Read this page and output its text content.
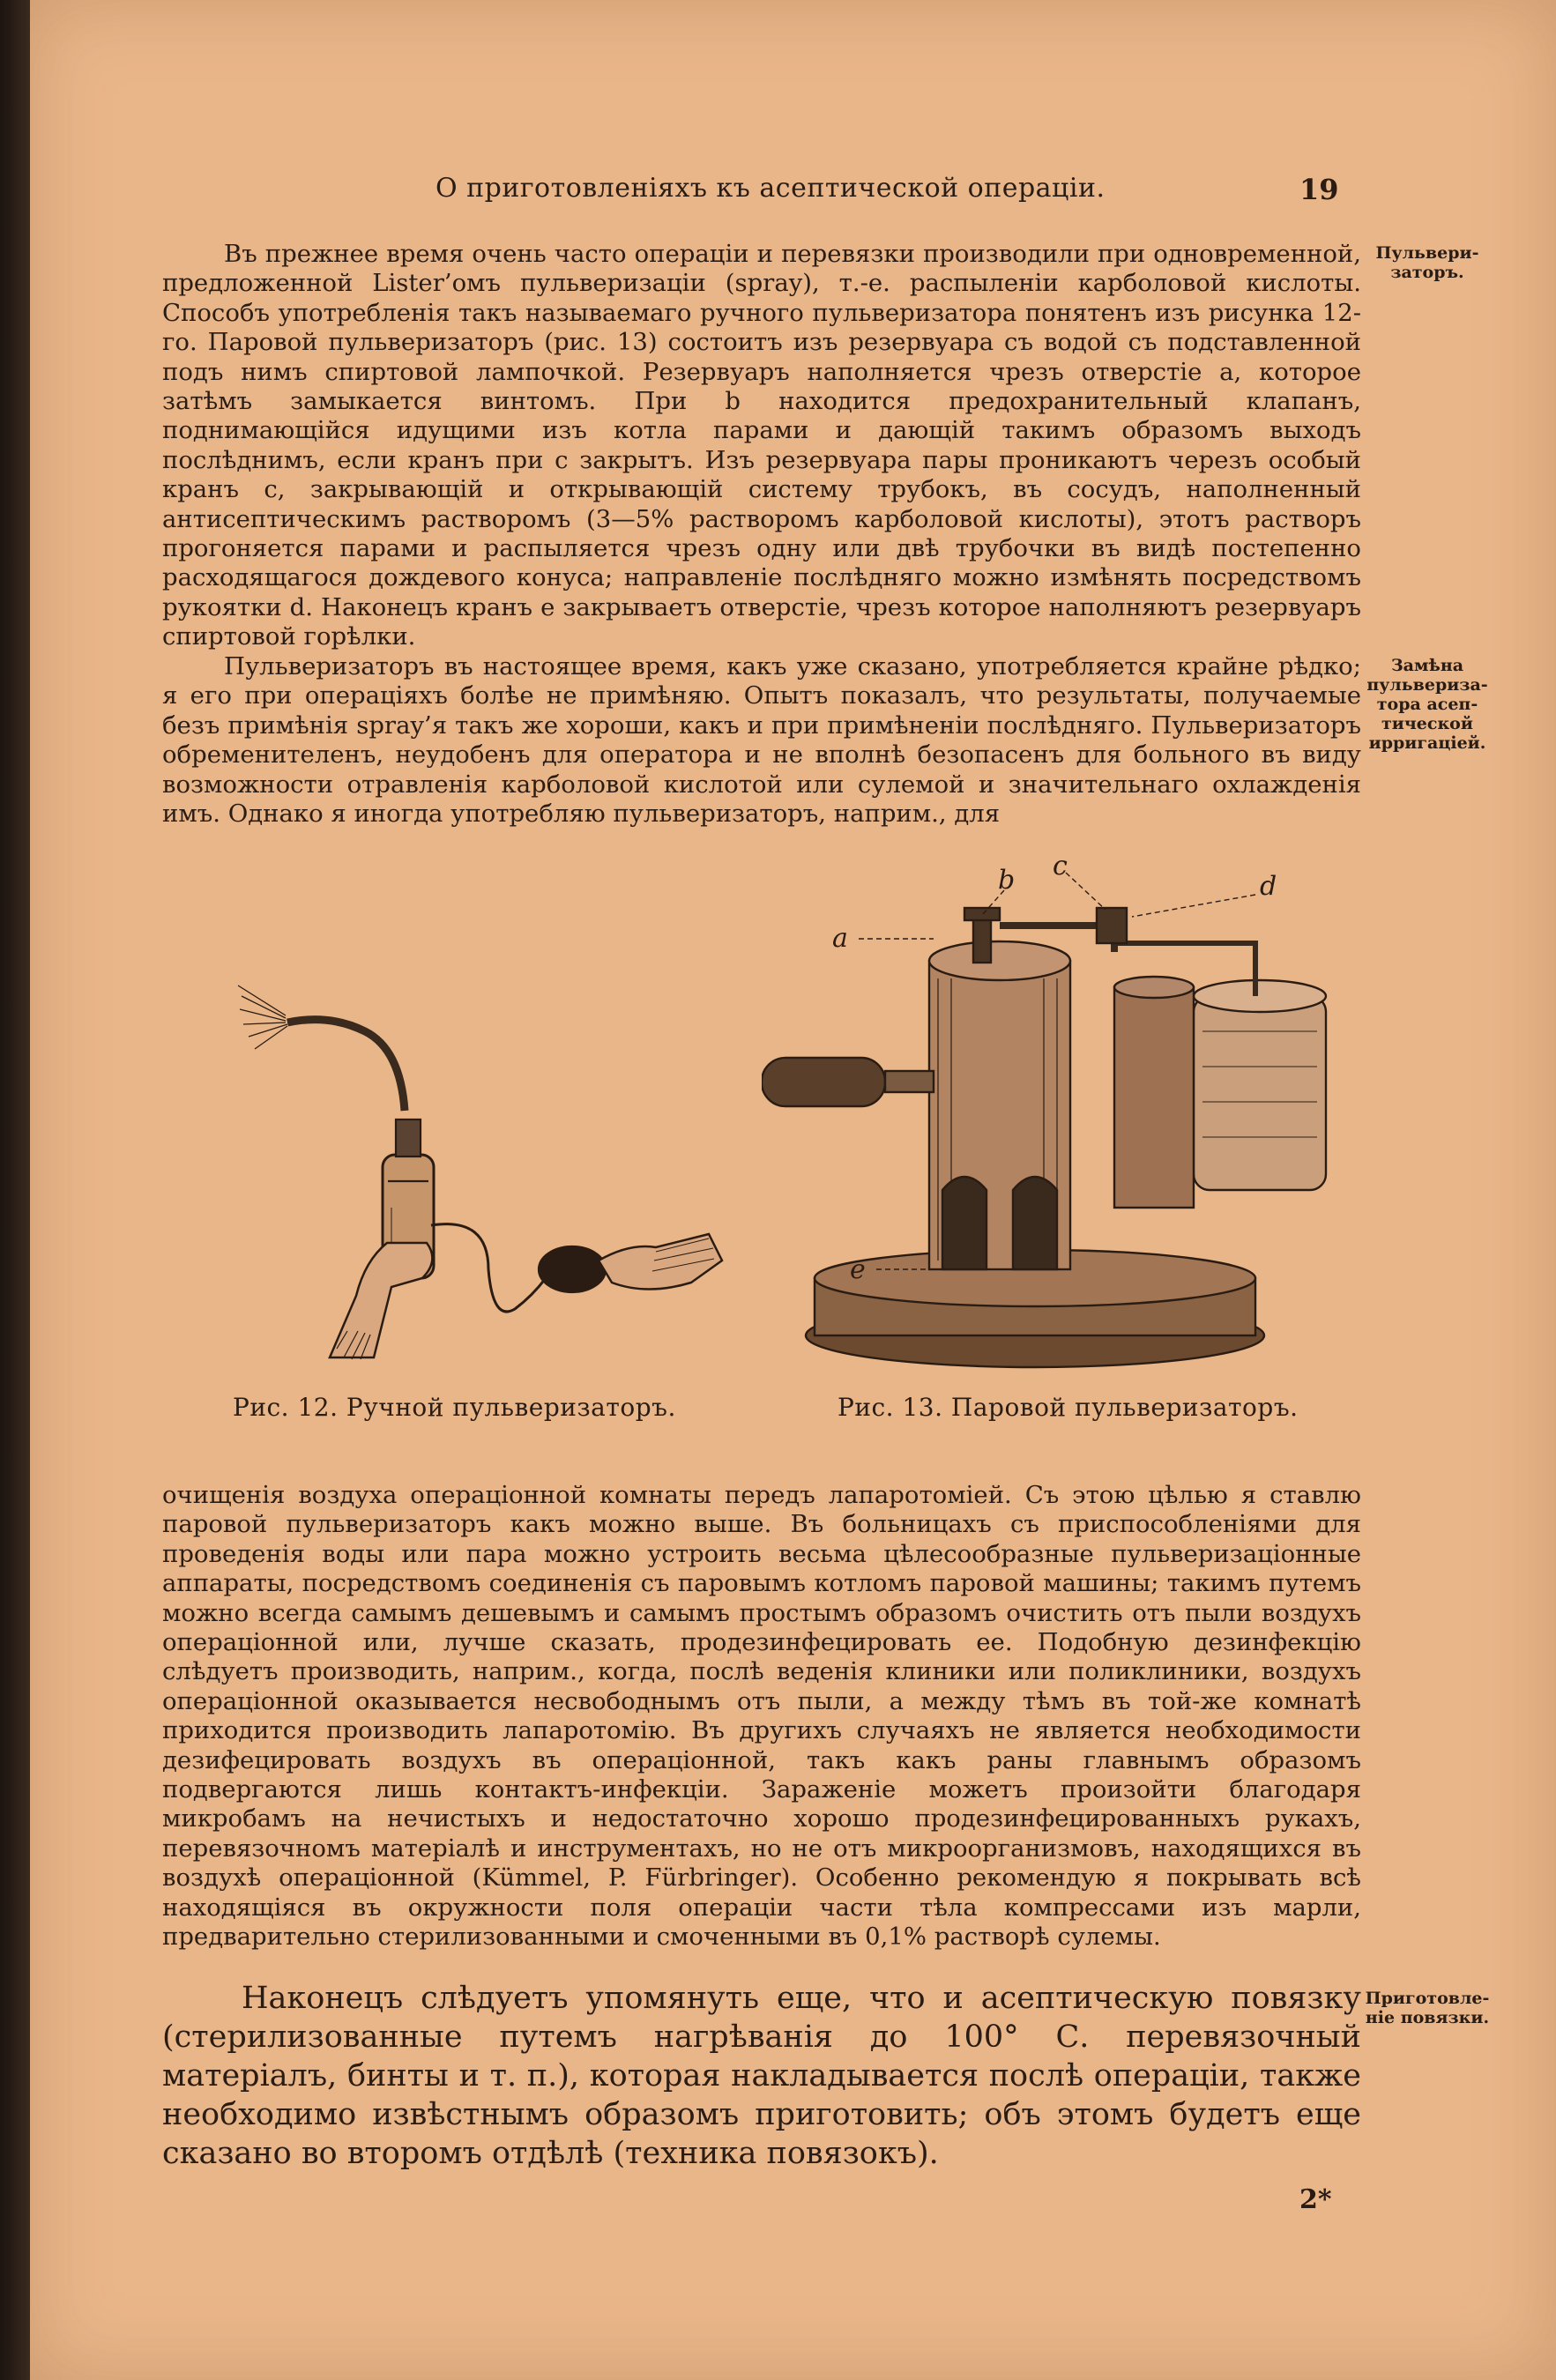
О приготовленіяхъ къ асептической операціи.	19
Въ прежнее время очень часто операціи и перевязки производили при одновременной, предложенной Lister’омъ пульверизаціи (spray), т.-е. распыленіи карболовой кислоты. Способъ употребленія такъ называемаго ручного пульверизатора понятенъ изъ рисунка 12-го. Паровой пульверизаторъ (рис. 13) состоитъ изъ резервуара съ водой съ подставленной подъ нимъ спиртовой лампочкой. Резервуаръ наполняется чрезъ отверстіе a, которое затѣмъ замыкается винтомъ. При b находится предохранительный клапанъ, поднимающійся идущими изъ котла парами и дающій такимъ образомъ выходъ послѣднимъ, если кранъ при c закрытъ. Изъ резервуара пары проникаютъ черезъ особый кранъ c, закрывающій и открывающій систему трубокъ, въ сосудъ, наполненный антисептическимъ растворомъ (3—5% растворомъ карболовой кислоты), этотъ растворъ прогоняется парами и распыляется чрезъ одну или двѣ трубочки въ видѣ постепенно расходящагося дождевого конуса; направленіе послѣдняго можно измѣнять посредствомъ рукоятки d. Наконецъ кранъ e закрываетъ отверстіе, чрезъ которое наполняютъ резервуаръ спиртовой горѣлки.
Пульвери-
заторъ.
Пульверизаторъ въ настоящее время, какъ уже сказано, употребляется крайне рѣдко; я его при операціяхъ болѣе не примѣняю. Опытъ показалъ, что результаты, получаемые безъ примѣнія spray’я такъ же хороши, какъ и при примѣненіи послѣдняго. Пульверизаторъ обременителенъ, неудобенъ для оператора и не вполнѣ безопасенъ для больного въ виду возможности отравленія карболовой кислотой или сулемой и значительнаго охлажденія имъ. Однако я иногда употребляю пульверизаторъ, наприм., для
Замѣна
пульвериза-
тора асеп-
тической
ирригаціей.
a
b c
d
e
Рис. 12. Ручной пульверизаторъ.	Рис. 13. Паровой пульверизаторъ.
очищенія воздуха операціонной комнаты передъ лапаротоміей. Съ этою цѣлью я ставлю паровой пульверизаторъ какъ можно выше. Въ больницахъ съ приспособленіями для проведенія воды или пара можно устроить весьма цѣлесообразные пульверизаціонные аппараты, посредствомъ соединенія съ паровымъ котломъ паровой машины; такимъ путемъ можно всегда самымъ дешевымъ и самымъ простымъ образомъ очистить отъ пыли воздухъ операціонной или, лучше сказать, продезинфецировать ее. Подобную дезинфекцію слѣдуетъ производить, наприм., когда, послѣ веденія клиники или поликлиники, воздухъ операціонной оказывается несвободнымъ отъ пыли, а между тѣмъ въ той-же комнатѣ приходится производить лапаротомію. Въ другихъ случаяхъ не является необходимости дезифецировать воздухъ въ операціонной, такъ какъ раны главнымъ образомъ подвергаются лишь контактъ-инфекціи. Зараженіе можетъ произойти благодаря микробамъ на нечистыхъ и недостаточно хорошо продезинфецированныхъ рукахъ, перевязочномъ матеріалѣ и инструментахъ, но не отъ микроорганизмовъ, находящихся въ воздухѣ операціонной (Kümmel, P. Fürbringer). Особенно рекомендую я покрывать всѣ находящіяся въ окружности поля операціи части тѣла компрессами изъ марли, предварительно стерилизованными и смоченными въ 0,1% растворѣ сулемы.
Наконецъ слѣдуетъ упомянуть еще, что и асептическую повязку (стерилизованные путемъ нагрѣванія до 100° С. перевязочный матеріалъ, бинты и т. п.), которая накладывается послѣ операціи, также необходимо извѣстнымъ образомъ приготовить; объ этомъ будетъ еще сказано во второмъ отдѣлѣ (техника повязокъ).
Приготовле-
ніе повязки.
2*
